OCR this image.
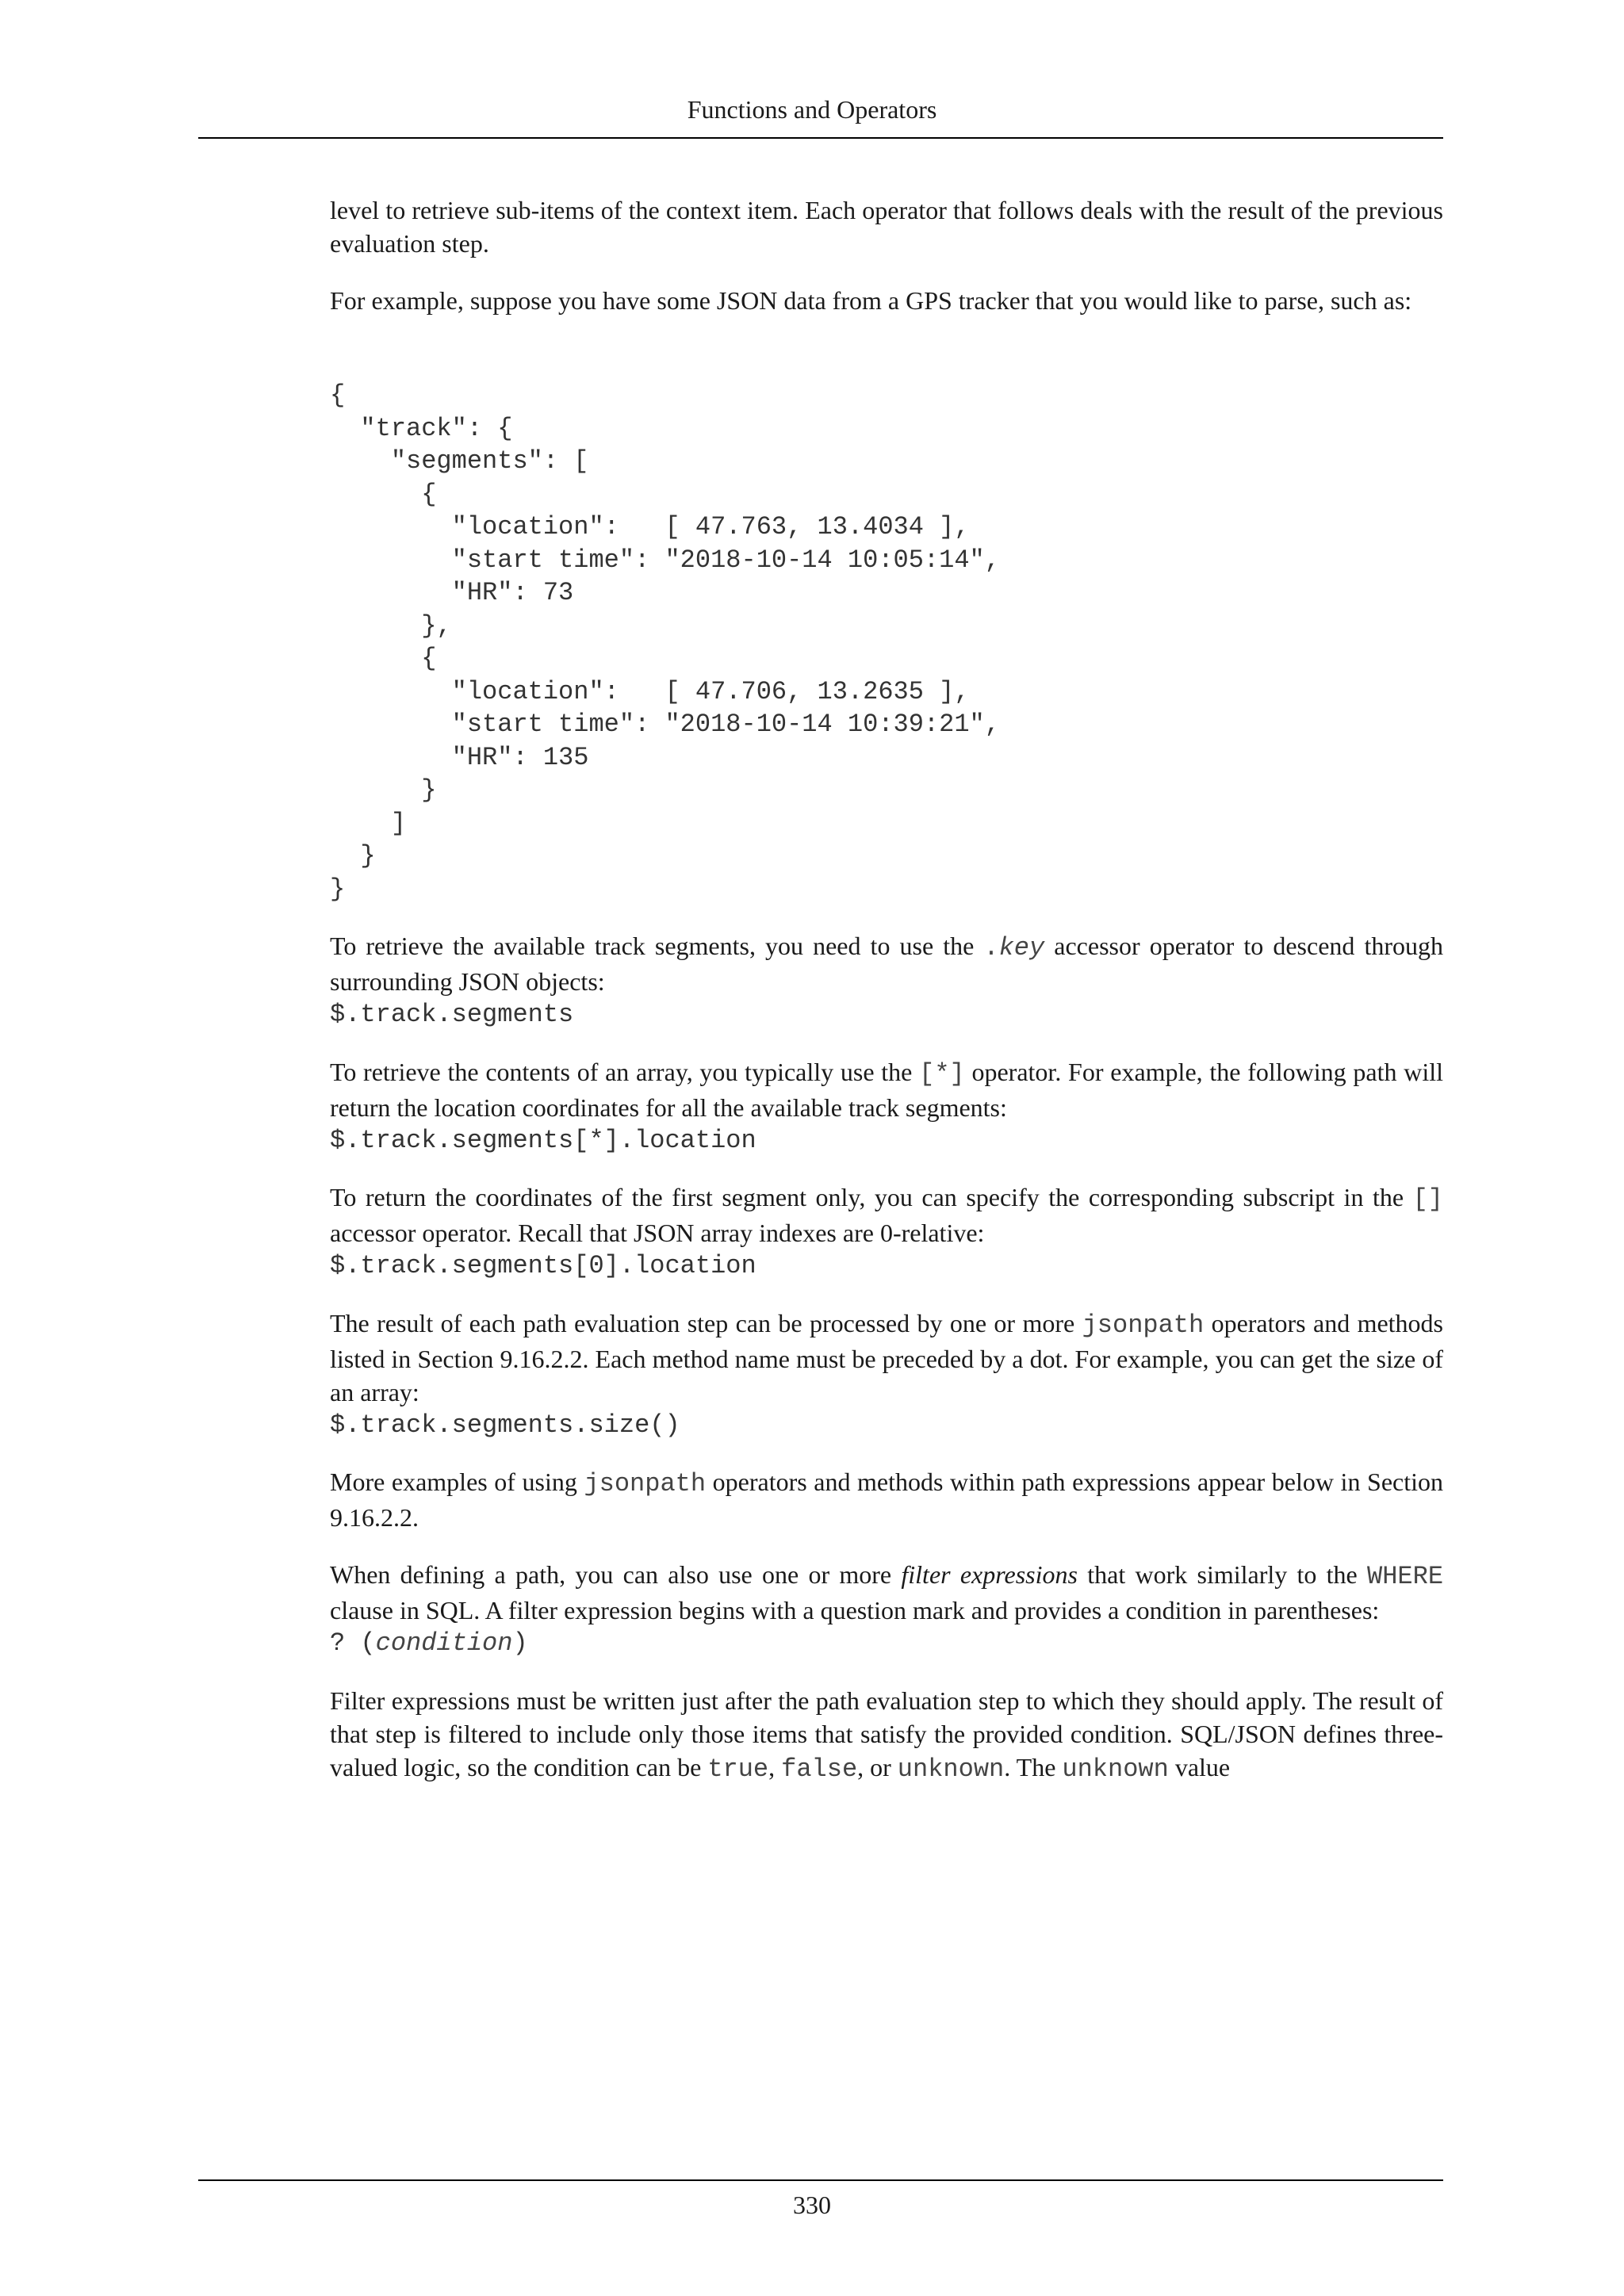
Functions and Operators

level to retrieve sub-items of the context item. Each operator that follows deals with the result of the previous evaluation step.

For example, suppose you have some JSON data from a GPS tracker that you would like to parse, such as:

{
"track": {
"segments": [
{
"location":   [ 47.763, 13.4034 ],
"start time": "2018-10-14 10:05:14",
"HR": 73
},
{
"location":   [ 47.706, 13.2635 ],
"start time": "2018-10-14 10:39:21",
"HR": 135
}
]
}
}

To retrieve the available track segments, you need to use the .key accessor operator to descend through surrounding JSON objects:

$.track.segments

To retrieve the contents of an array, you typically use the [*] operator. For example, the following path will return the location coordinates for all the available track segments:

$.track.segments[*].location

To return the coordinates of the first segment only, you can specify the corresponding subscript in the [] accessor operator. Recall that JSON array indexes are 0-relative:

$.track.segments[0].location

The result of each path evaluation step can be processed by one or more jsonpath operators and methods listed in Section 9.16.2.2. Each method name must be preceded by a dot. For example, you can get the size of an array:

$.track.segments.size()

More examples of using jsonpath operators and methods within path expressions appear below in Section 9.16.2.2.

When defining a path, you can also use one or more filter expressions that work similarly to the WHERE clause in SQL. A filter expression begins with a question mark and provides a condition in parentheses:

? (condition)

Filter expressions must be written just after the path evaluation step to which they should apply. The result of that step is filtered to include only those items that satisfy the provided condition. SQL/JSON defines three-valued logic, so the condition can be true, false, or unknown. The unknown value

330
